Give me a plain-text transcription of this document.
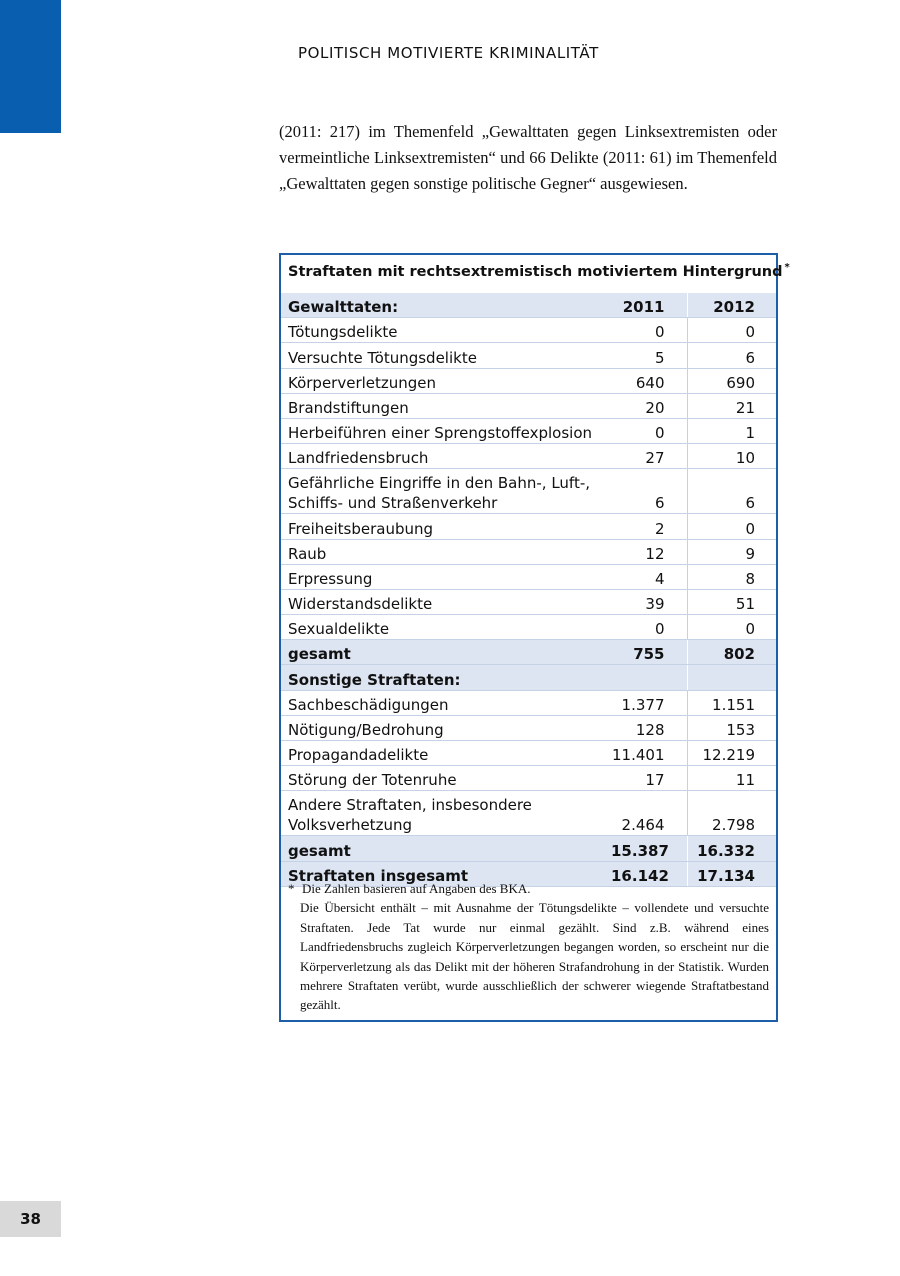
POLITISCH MOTIVIERTE KRIMINALITÄT

(2011: 217) im Themenfeld „Gewalttaten gegen Linksextremisten oder vermeintliche Linksextremisten“ und 66 Delikte (2011: 61) im Themenfeld „Gewalttaten gegen sonstige politische Gegner“ ausgewiesen.

Straftaten mit rechtsextremistisch motiviertem Hintergrund *
Gewalttaten:	2011	2012
Tötungsdelikte	0	0
Versuchte Tötungsdelikte	5	6
Körperverletzungen	640	690
Brandstiftungen	20	21
Herbeiführen einer Sprengstoffexplosion	0	1
Landfriedensbruch	27	10

Gefährliche Eingriffe in den Bahn-, Luft-,
Schiffs- und Straßenverkehr	6	6
Freiheitsberaubung	2	0
Raub	12	9
Erpressung	4	8
Widerstandsdelikte	39	51
Sexualdelikte	0	0
gesamt	755	802
Sonstige Straftaten:		
Sachbeschädigungen	1.377	1.151
Nötigung/Bedrohung	128	153
Propagandadelikte	11.401	12.219
Störung der Totenruhe	17	11

Andere Straftaten, insbesondere
Volksverhetzung	2.464	2.798
gesamt	15.387	16.332
Straftaten insgesamt	16.142	17.134
* Die Zahlen basieren auf Angaben des BKA.
Die Übersicht enthält – mit Ausnahme der Tötungsdelikte – vollendete und versuchte Straftaten. Jede Tat wurde nur einmal gezählt. Sind z.B. während eines Landfriedensbruchs zugleich Körperverletzungen begangen worden, so erscheint nur die Körperverletzung als das Delikt mit der höheren Strafandrohung in der Statistik. Wurden mehrere Straftaten verübt, wurde ausschließlich der schwerer wiegende Straftatbestand gezählt.
38
